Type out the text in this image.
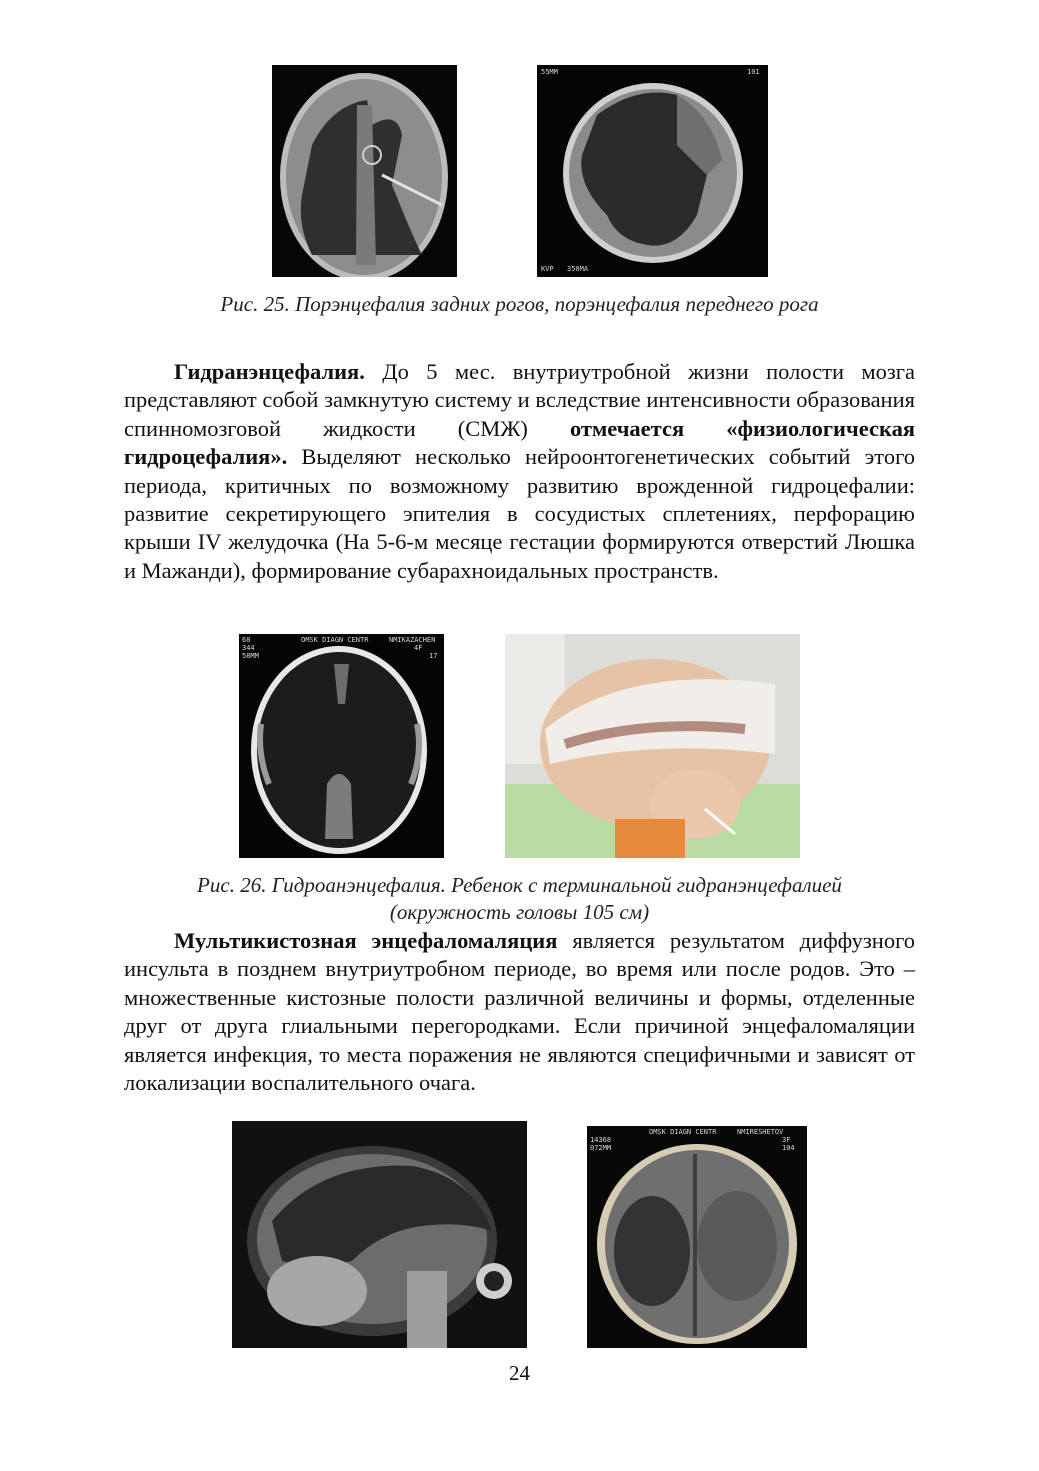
55MM	101
KVP 350MA
Рис. 25. Порэнцефалия задних рогов, порэнцефалия переднего рога

Гидранэнцефалия. До 5 мес. внутриутробной жизни полости мозга представляют собой замкнутую систему и вследствие интенсивности образования спинномозговой жидкости (СМЖ) отмечается «физиологическая гидроцефалия». Выделяют несколько нейроонтогенетических событий этого периода, критичных по возможному развитию врожденной гидроцефалии: развитие секретирующего эпителия в сосудистых сплетениях, перфорацию крыши IV желудочка (На 5-6-м месяце гестации формируются отверстий Люшка и Мажанди), формирование субарахноидальных пространств.

68
344
58MM
OMSK DIAGN CENTR	NMIKAZACHEN
4F
17
Рис. 26. Гидроанэнцефалия. Ребенок с терминальной гидранэнцефалией
(окружность головы 105 см)

Мультикистозная энцефаломаляция является результатом диффузного инсульта в позднем внутриутробном периоде, во время или после родов. Это – множественные кистозные полости различной величины и формы, отделенные друг от друга глиальными перегородками. Если причиной энцефаломаляции является инфекция, то места поражения не являются специфичными и зависят от локализации воспалительного очага.

OMSK DIAGN CENTR	NMIRESHETOV
14368
072MM
3F
104
24
